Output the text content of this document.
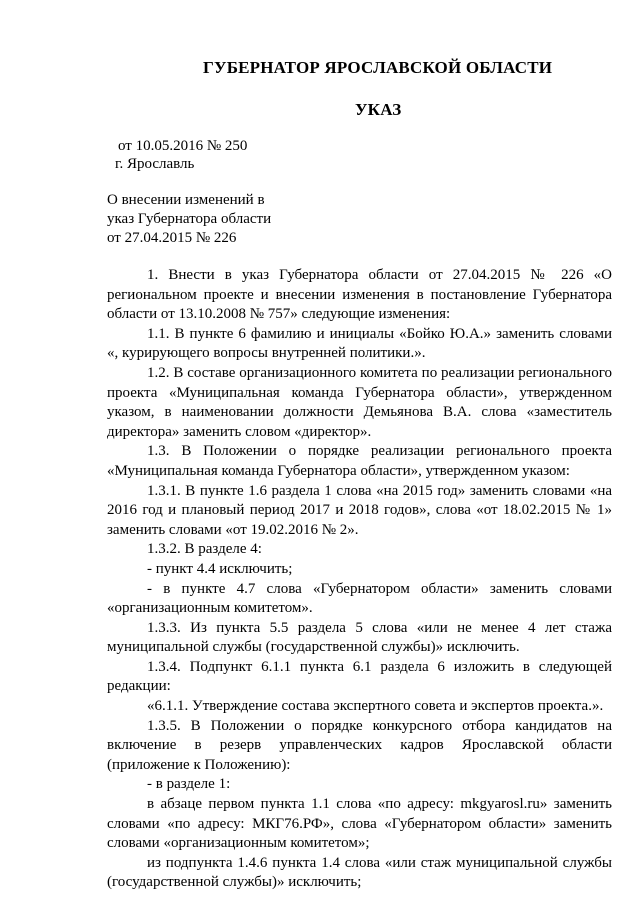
ГУБЕРНАТОР ЯРОСЛАВСКОЙ ОБЛАСТИ
УКАЗ
от 10.05.2016 № 250
г. Ярославль
О внесении изменений в
указ Губернатора области
от 27.04.2015 № 226

1. Внести в указ Губернатора области от 27.04.2015 № 226 «О региональном проекте и внесении изменения в постановление Губернатора области от 13.10.2008 № 757» следующие изменения:

1.1. В пункте 6 фамилию и инициалы «Бойко Ю.А.» заменить словами «, курирующего вопросы внутренней политики.».

1.2. В составе организационного комитета по реализации регионального проекта «Муниципальная команда Губернатора области», утвержденном указом, в наименовании должности Демьянова В.А. слова «заместитель директора» заменить словом «директор».

1.3. В Положении о порядке реализации регионального проекта «Муниципальная команда Губернатора области», утвержденном указом:

1.3.1. В пункте 1.6 раздела 1 слова «на 2015 год» заменить словами «на 2016 год и плановый период 2017 и 2018 годов», слова «от 18.02.2015 № 1» заменить словами «от 19.02.2016 № 2».

1.3.2. В разделе 4:

- пункт 4.4 исключить;

- в пункте 4.7 слова «Губернатором области» заменить словами «организационным комитетом».

1.3.3. Из пункта 5.5 раздела 5 слова «или не менее 4 лет стажа муниципальной службы (государственной службы)» исключить.

1.3.4. Подпункт 6.1.1 пункта 6.1 раздела 6 изложить в следующей редакции:

«6.1.1. Утверждение состава экспертного совета и экспертов проекта.».

1.3.5. В Положении о порядке конкурсного отбора кандидатов на включение в резерв управленческих кадров Ярославской области (приложение к Положению):

- в разделе 1:

в абзаце первом пункта 1.1 слова «по адресу: mkgyarosl.ru» заменить словами «по адресу: МКГ76.РФ», слова «Губернатором области» заменить словами «организационным комитетом»;

из подпункта 1.4.6 пункта 1.4 слова «или стаж муниципальной службы (государственной службы)» исключить;
